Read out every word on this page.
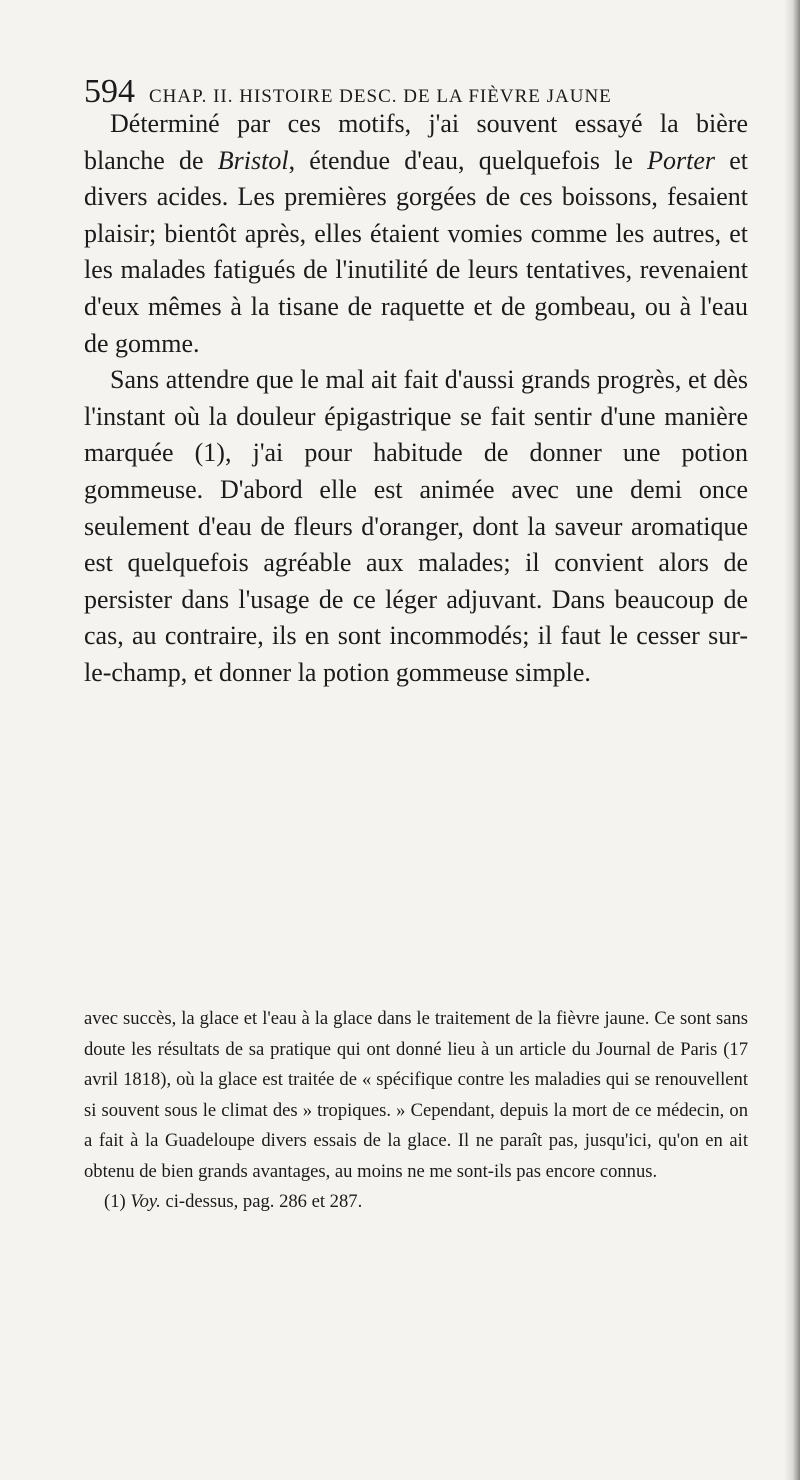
594 CHAP. II. HISTOIRE DESC. DE LA FIÈVRE JAUNE

Déterminé par ces motifs, j'ai souvent essayé la bière blanche de Bristol, étendue d'eau, quelquefois le Porter et divers acides. Les premières gorgées de ces boissons, fesaient plaisir; bientôt après, elles étaient vomies comme les autres, et les malades fatigués de l'inutilité de leurs tentatives, revenaient d'eux mêmes à la tisane de raquette et de gombeau, ou à l'eau de gomme.

Sans attendre que le mal ait fait d'aussi grands progrès, et dès l'instant où la douleur épigastrique se fait sentir d'une manière marquée (1), j'ai pour habitude de donner une potion gommeuse. D'abord elle est animée avec une demi once seulement d'eau de fleurs d'oranger, dont la saveur aromatique est quelquefois agréable aux malades; il convient alors de persister dans l'usage de ce léger adjuvant. Dans beaucoup de cas, au contraire, ils en sont incommodés; il faut le cesser sur-le-champ, et donner la potion gommeuse simple.

avec succès, la glace et l'eau à la glace dans le traitement de la fièvre jaune. Ce sont sans doute les résultats de sa pratique qui ont donné lieu à un article du Journal de Paris (17 avril 1818), où la glace est traitée de « spécifique contre les maladies qui se renouvellent si souvent sous le climat des » tropiques. » Cependant, depuis la mort de ce médecin, on a fait à la Guadeloupe divers essais de la glace. Il ne paraît pas, jusqu'ici, qu'on en ait obtenu de bien grands avantages, au moins ne me sont-ils pas encore connus.

(1) Voy. ci-dessus, pag. 286 et 287.
